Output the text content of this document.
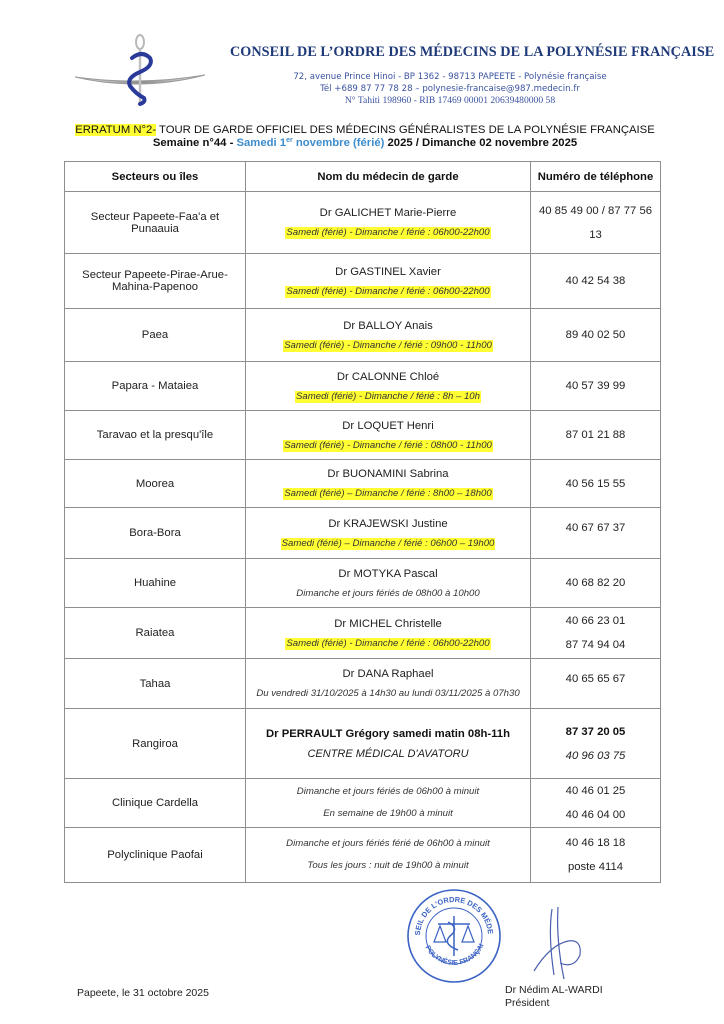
CONSEIL DE L’ORDRE DES MÉDECINS DE LA POLYNÉSIE FRANÇAISE
72, avenue Prince Hinoi - BP 1362 - 98713 PAPEETE - Polynésie française
Tél +689 87 77 78 28 – polynesie-francaise@987.medecin.fr
N° Tahiti 198960 - RIB 17469 00001 20639480000 58
ERRATUM N°2- TOUR DE GARDE OFFICIEL DES MÉDECINS GÉNÉRALISTES DE LA POLYNÉSIE FRANÇAISE
Semaine n°44 - Samedi 1er novembre (férié) 2025 / Dimanche 02 novembre 2025
Secteurs ou îles	Nom du médecin de garde	Numéro de téléphone
Secteur Papeete-Faa'a et Punaauia	Dr GALICHET Marie-Pierre
Samedi (férié) - Dimanche / férié : 06h00-22h00	40 85 49 00 / 87 77 56 13

Secteur Papeete-Pirae-Arue-Mahina-Papenoo	Dr GASTINEL Xavier
Samedi (férié) - Dimanche / férié : 06h00-22h00	40 42 54 38

Paea	Dr BALLOY Anais
Samedi (férié) - Dimanche / férié : 09h00 - 11h00	89 40 02 50

Papara - Mataiea	Dr CALONNE Chloé
Samedi (férié) - Dimanche / férié : 8h – 10h	40 57 39 99

Taravao et la presqu'île	Dr LOQUET Henri
Samedi (férié) - Dimanche / férié : 08h00 - 11h00	87 01 21 88

Moorea	Dr BUONAMINI Sabrina
Samedi (férié) – Dimanche / férié : 8h00 – 18h00	40 56 15 55

Bora-Bora	Dr KRAJEWSKI Justine
Samedi (férié) – Dimanche / férié : 06h00 – 19h00	40 67 67 37

Huahine	Dr MOTYKA Pascal
Dimanche et jours fériés de 08h00 à 10h00	40 68 82 20

Raiatea	Dr MICHEL Christelle
Samedi (férié) - Dimanche / férié : 06h00-22h00	40 66 23 01
87 74 94 04

Tahaa	Dr DANA Raphael
Du vendredi 31/10/2025 à 14h30 au lundi 03/11/2025 à 07h30	40 65 65 67

Rangiroa	Dr PERRAULT Grégory samedi matin 08h-11h
CENTRE MÉDICAL D'AVATORU	87 37 20 05
40 96 03 75

Clinique Cardella	Dimanche et jours fériés de 06h00 à minuit
En semaine de 19h00 à minuit	40 46 01 25
40 46 04 00

Polyclinique Paofai	Dimanche et jours fériés férié de 06h00 à minuit
Tous les jours : nuit de 19h00 à minuit	40 46 18 18
poste 4114
Papeete, le 31 octobre 2025
SEIL DE L'ORDRE DES MÉDE
POLYNÉSIE FRANÇAI
Dr Nédim AL-WARDI
Président
